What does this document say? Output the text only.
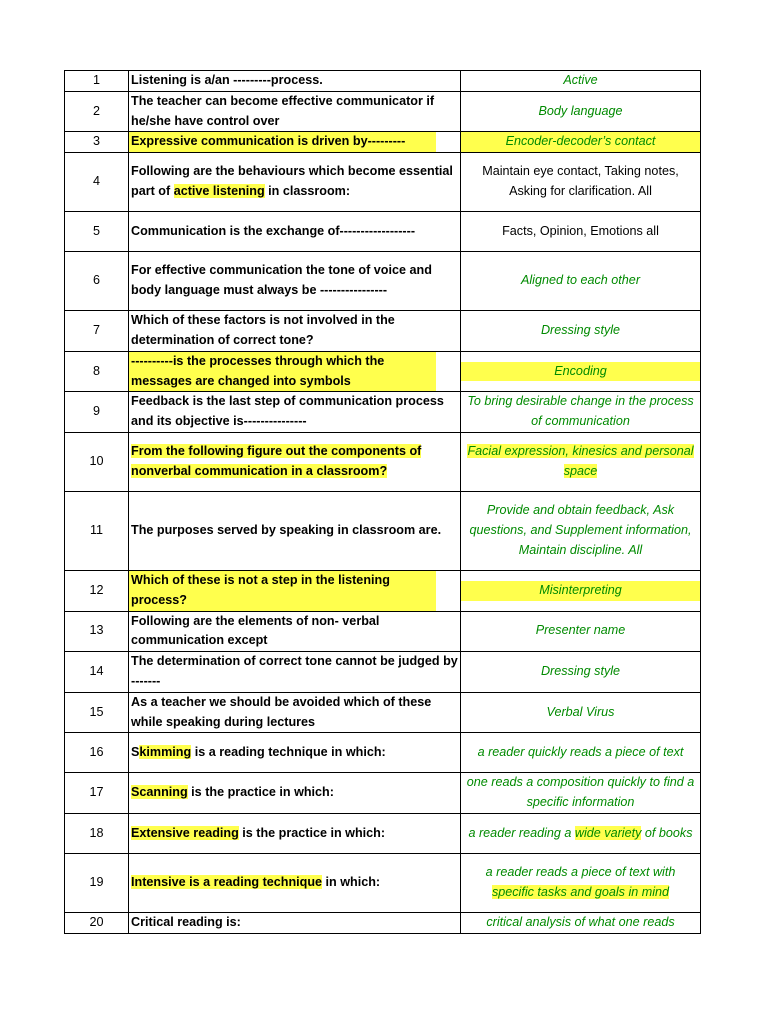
1	Listening is a/an ---------process.	Active
2	The teacher can become effective communicator if he/she have control over	Body language
3	Expressive communication is driven by---------	Encoder-decoder’s contact

4	Following are the behaviours which become essential part of active listening in classroom:	Maintain eye contact, Taking notes, Asking for clarification. All
5	Communication is the exchange of------------------	Facts, Opinion, Emotions all
6	For effective communication the tone of voice and body language must always be ----------------	Aligned to each other
7	Which of these factors is not involved in the determination of correct tone?	Dressing style
8	----------is the processes through which the messages are changed into symbols	Encoding

9	Feedback is the last step of communication process and its objective is---------------	To bring desirable change in the process of communication
10	From the following figure out the components of nonverbal communication in a classroom?	Facial expression, kinesics and personal space
11	The purposes served by speaking in classroom are.	Provide and obtain feedback, Ask questions, and Supplement information, Maintain discipline. All
12	Which of these is not a step in the listening process?	Misinterpreting

13	Following are the elements of non- verbal communication except	Presenter name
14	The determination of correct tone cannot be judged by -------	Dressing style
15	As a teacher we should be avoided which of these while speaking during lectures	Verbal Virus
16	Skimming is a reading technique in which:	a reader quickly reads a piece of text
17	Scanning is the practice in which:	one reads a composition quickly to find a specific information
18	Extensive reading is the practice in which:	a reader reading a wide variety of books
19	Intensive is a reading technique in which:	a reader reads a piece of text with specific tasks and goals in mind
20	Critical reading is:	critical analysis of what one reads
